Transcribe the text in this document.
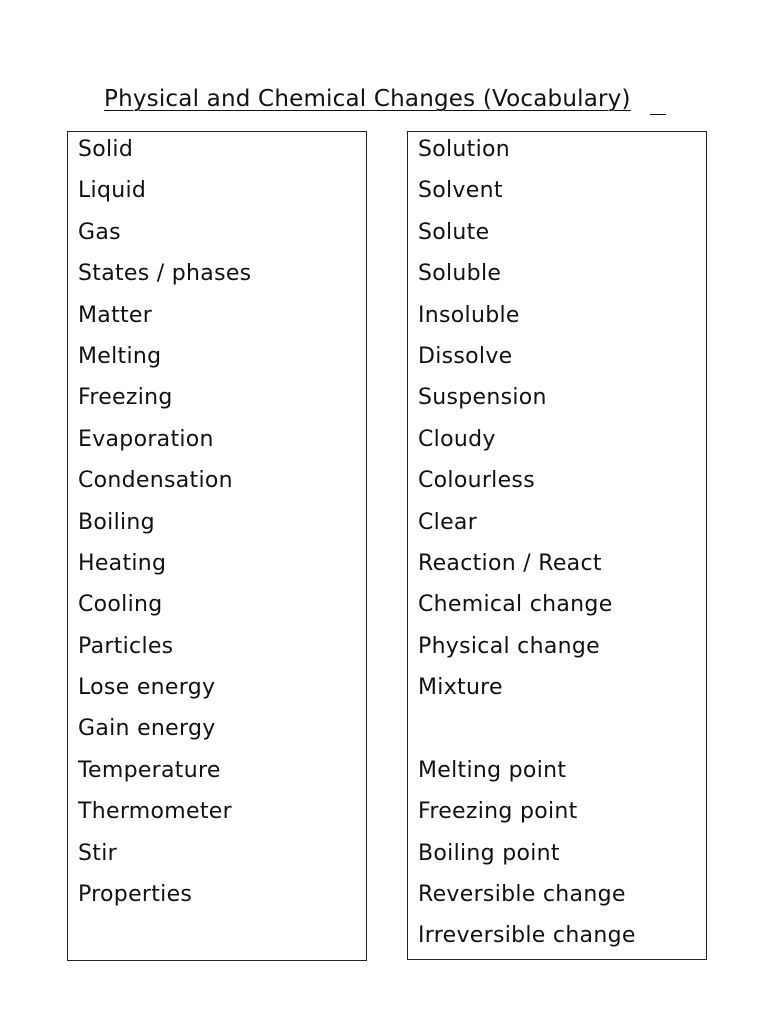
Physical and Chemical Changes (Vocabulary)
Solid
Liquid
Gas
States / phases
Matter
Melting
Freezing
Evaporation
Condensation
Boiling
Heating
Cooling
Particles
Lose energy
Gain energy
Temperature
Thermometer
Stir
Properties
Solution
Solvent
Solute
Soluble
Insoluble
Dissolve
Suspension
Cloudy
Colourless
Clear
Reaction / React
Chemical change
Physical change
Mixture
Melting point
Freezing point
Boiling point
Reversible change
Irreversible change
